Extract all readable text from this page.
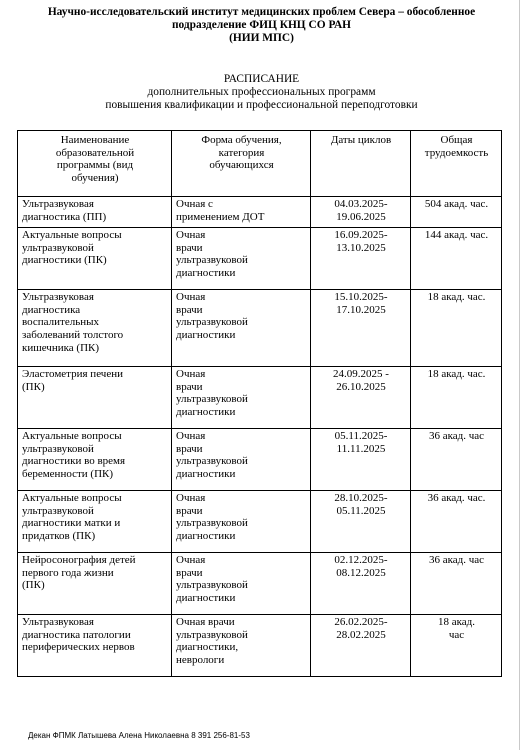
Научно-исследовательский институт медицинских проблем Севера – обособленное
подразделение ФИЦ КНЦ СО РАН
(НИИ МПС)
РАСПИСАНИЕ
дополнительных профессиональных программ
повышения квалификации и профессиональной переподготовки
Наименование
образовательной
программы (вид
обучения)	Форма обучения,
категория
обучающихся	Даты циклов	Общая
трудоемкость
Ультразвуковая
диагностика (ПП)	Очная с
применением ДОТ	04.03.2025-
19.06.2025	504 акад. час.
Актуальные вопросы
ультразвуковой
диагностики (ПК)	Очная
врачи
ультразвуковой
диагностики	16.09.2025-
13.10.2025	144 акад. час.
Ультразвуковая
диагностика
воспалительных
заболеваний толстого
кишечника (ПК)	Очная
врачи
ультразвуковой
диагностики	15.10.2025-
17.10.2025	18 акад. час.
Эластометрия печени
(ПК)	Очная
врачи
ультразвуковой
диагностики	24.09.2025 -
26.10.2025	18 акад. час.
Актуальные вопросы
ультразвуковой
диагностики во время
беременности (ПК)	Очная
врачи
ультразвуковой
диагностики	05.11.2025-
11.11.2025	36 акад. час
Актуальные вопросы
ультразвуковой
диагностики матки и
придатков (ПК)	Очная
врачи
ультразвуковой
диагностики	28.10.2025-
05.11.2025	36 акад. час.
Нейросонография детей
первого года жизни
(ПК)	Очная
врачи
ультразвуковой
диагностики	02.12.2025-
08.12.2025	36 акад. час
Ультразвуковая
диагностика патологии
периферических нервов	Очная врачи
ультразвуковой
диагностики,
неврологи	26.02.2025-
28.02.2025	18 акад.
час
Декан ФПМК Латышева Алена Николаевна 8 391 256-81-53
